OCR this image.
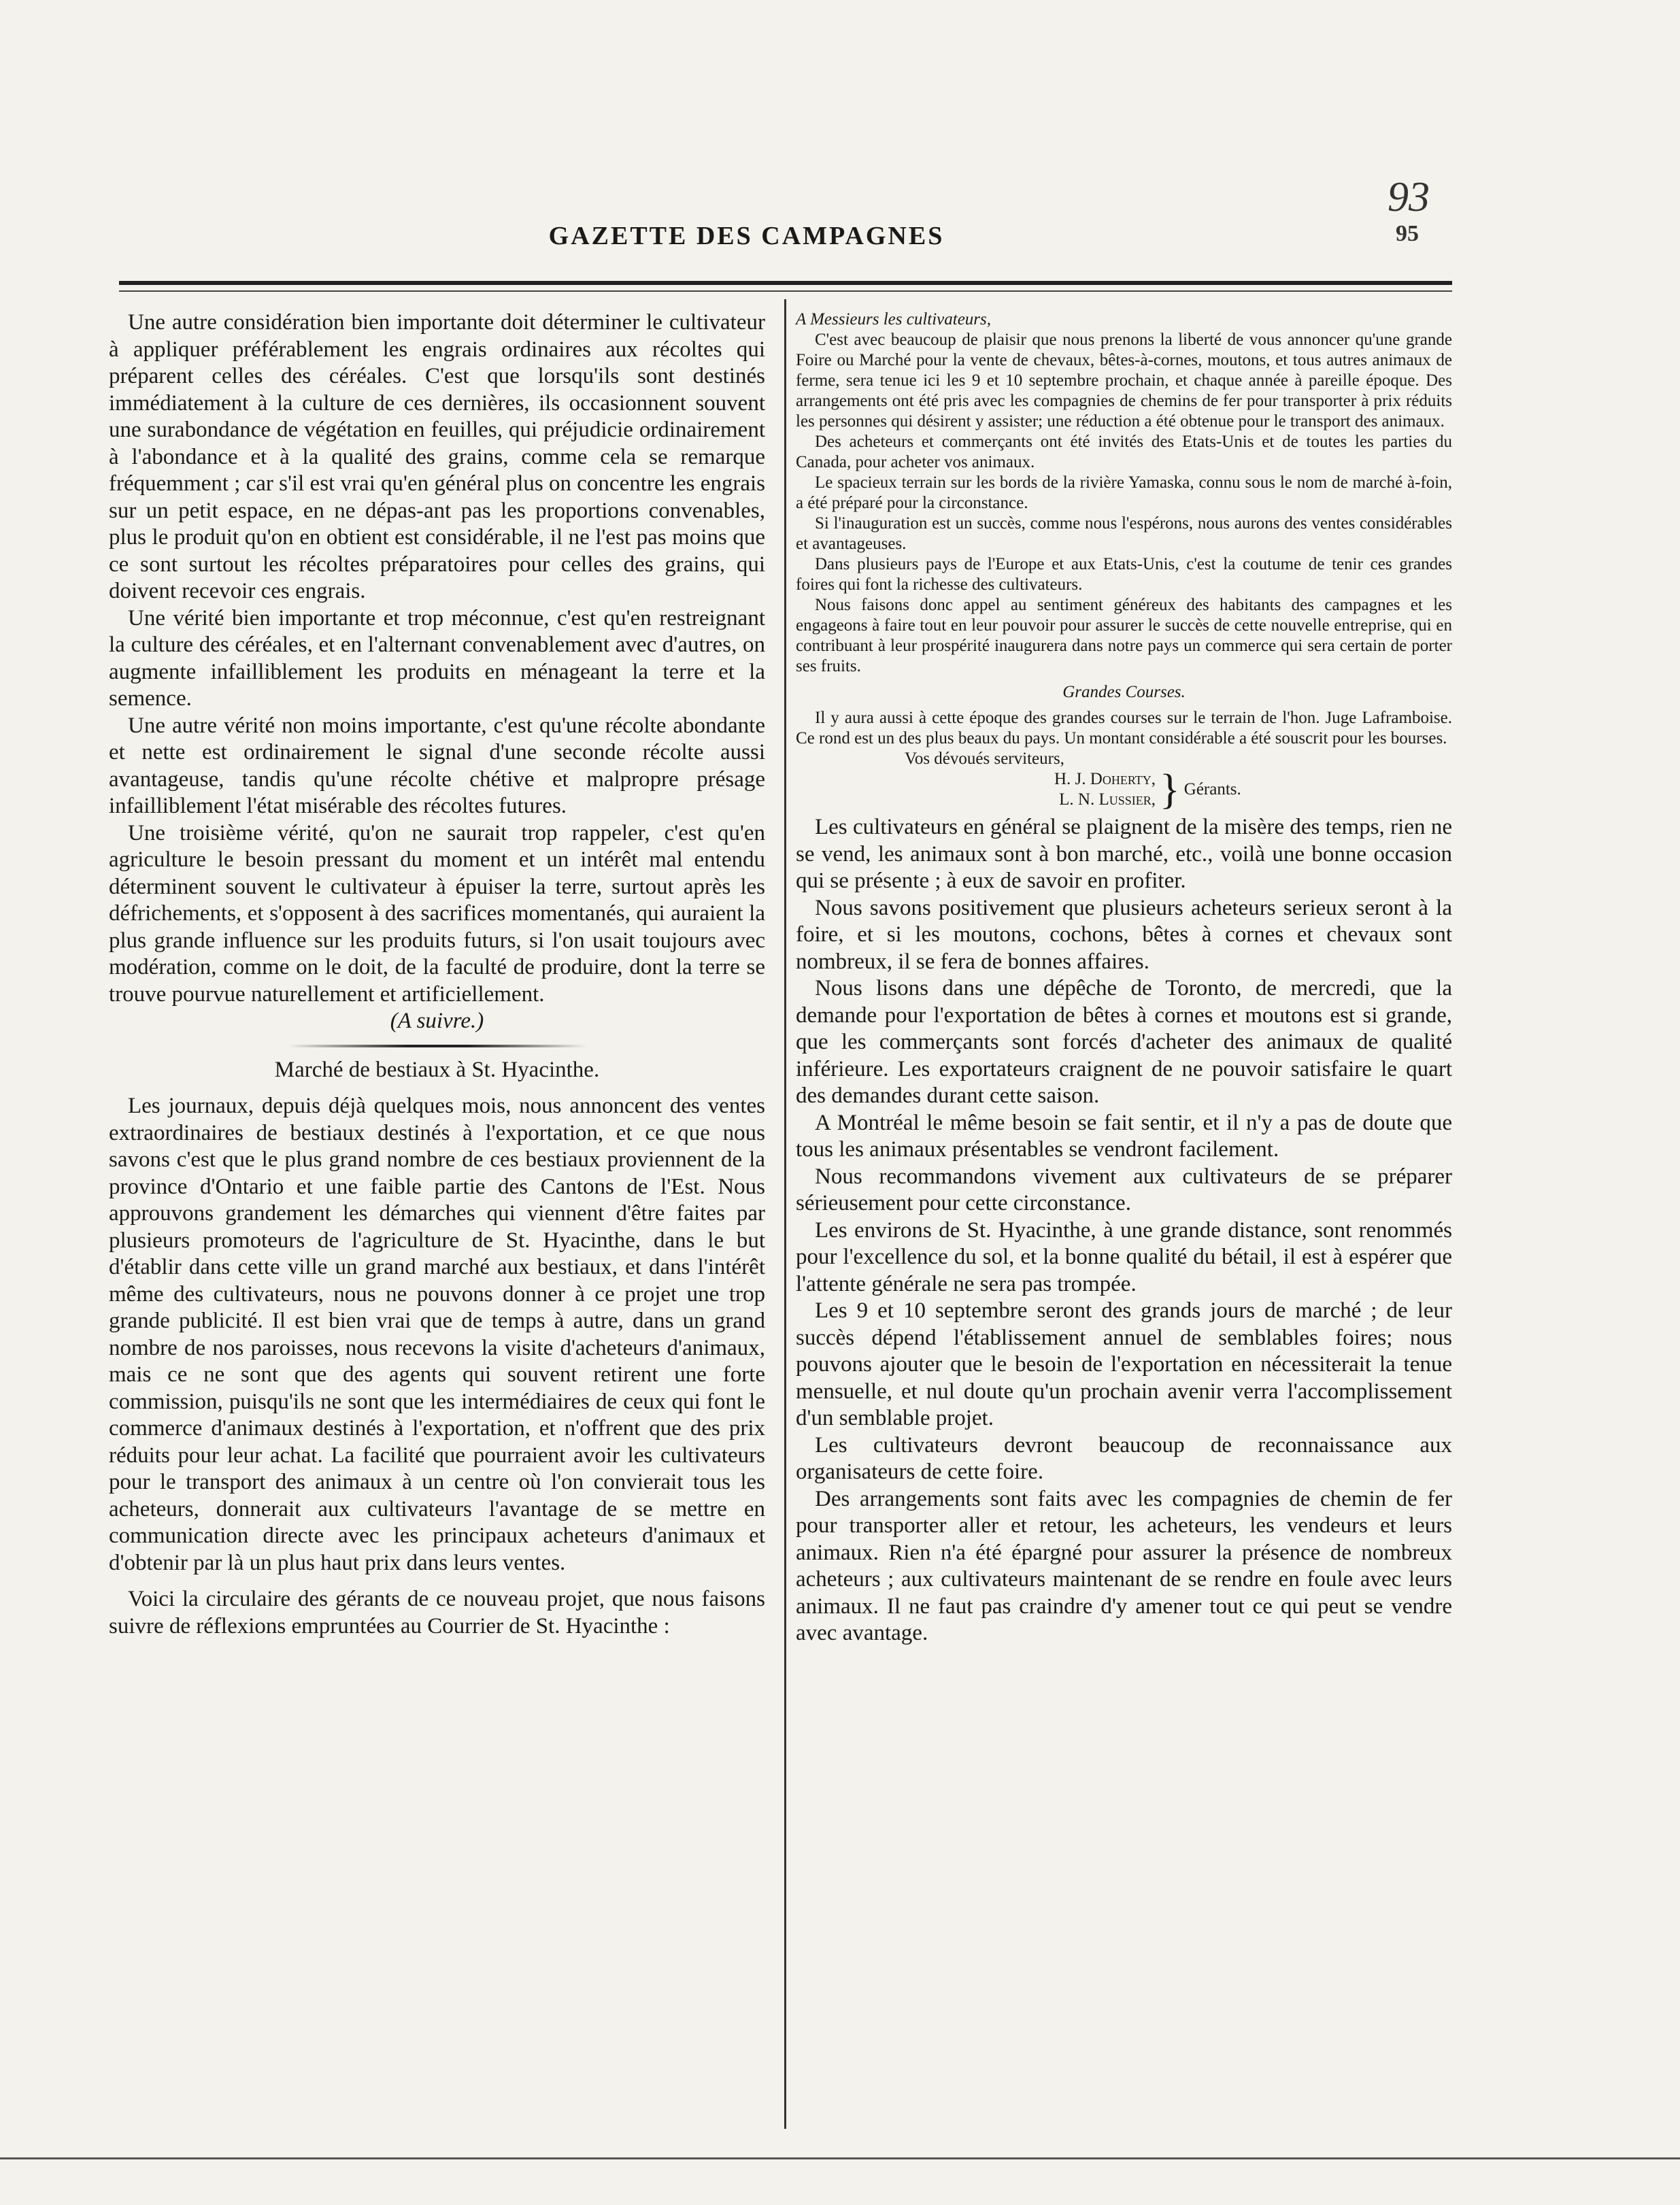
93
95
GAZETTE DES CAMPAGNES

Une autre considération bien importante doit déterminer le cultivateur à appliquer préférablement les engrais ordinaires aux récoltes qui préparent celles des céréales. C'est que lorsqu'ils sont destinés immédiatement à la culture de ces dernières, ils occasionnent souvent une surabondance de végétation en feuilles, qui préjudicie ordinairement à l'abondance et à la qualité des grains, comme cela se remarque fréquemment ; car s'il est vrai qu'en général plus on concentre les engrais sur un petit espace, en ne dépas-ant pas les proportions convenables, plus le produit qu'on en obtient est considérable, il ne l'est pas moins que ce sont surtout les récoltes préparatoires pour celles des grains, qui doivent recevoir ces engrais.

Une vérité bien importante et trop méconnue, c'est qu'en restreignant la culture des céréales, et en l'alternant convenablement avec d'autres, on augmente infailliblement les produits en ménageant la terre et la semence.

Une autre vérité non moins importante, c'est qu'une récolte abondante et nette est ordinairement le signal d'une seconde récolte aussi avantageuse, tandis qu'une récolte chétive et malpropre présage infailliblement l'état misérable des récoltes futures.

Une troisième vérité, qu'on ne saurait trop rappeler, c'est qu'en agriculture le besoin pressant du moment et un intérêt mal entendu déterminent souvent le cultivateur à épuiser la terre, surtout après les défrichements, et s'opposent à des sacrifices momentanés, qui auraient la plus grande influence sur les produits futurs, si l'on usait toujours avec modération, comme on le doit, de la faculté de produire, dont la terre se trouve pourvue naturellement et artificiellement.

(A suivre.)

Marché de bestiaux à St. Hyacinthe.

Les journaux, depuis déjà quelques mois, nous annoncent des ventes extraordinaires de bestiaux destinés à l'exportation, et ce que nous savons c'est que le plus grand nombre de ces bestiaux proviennent de la province d'Ontario et une faible partie des Cantons de l'Est. Nous approuvons grandement les démarches qui viennent d'être faites par plusieurs promoteurs de l'agriculture de St. Hyacinthe, dans le but d'établir dans cette ville un grand marché aux bestiaux, et dans l'intérêt même des cultivateurs, nous ne pouvons donner à ce projet une trop grande publicité. Il est bien vrai que de temps à autre, dans un grand nombre de nos paroisses, nous recevons la visite d'acheteurs d'animaux, mais ce ne sont que des agents qui souvent retirent une forte commission, puisqu'ils ne sont que les intermédiaires de ceux qui font le commerce d'animaux destinés à l'exportation, et n'offrent que des prix réduits pour leur achat. La facilité que pourraient avoir les cultivateurs pour le transport des animaux à un centre où l'on convierait tous les acheteurs, donnerait aux cultivateurs l'avantage de se mettre en communication directe avec les principaux acheteurs d'animaux et d'obtenir par là un plus haut prix dans leurs ventes.

Voici la circulaire des gérants de ce nouveau projet, que nous faisons suivre de réflexions empruntées au Courrier de St. Hyacinthe :

A Messieurs les cultivateurs,

C'est avec beaucoup de plaisir que nous prenons la liberté de vous annoncer qu'une grande Foire ou Marché pour la vente de chevaux, bêtes-à-cornes, moutons, et tous autres animaux de ferme, sera tenue ici les 9 et 10 septembre prochain, et chaque année à pareille époque. Des arrangements ont été pris avec les compagnies de chemins de fer pour transporter à prix réduits les personnes qui désirent y assister; une réduction a été obtenue pour le transport des animaux.

Des acheteurs et commerçants ont été invités des Etats-Unis et de toutes les parties du Canada, pour acheter vos animaux.

Le spacieux terrain sur les bords de la rivière Yamaska, connu sous le nom de marché à-foin, a été préparé pour la circonstance.

Si l'inauguration est un succès, comme nous l'espérons, nous aurons des ventes considérables et avantageuses.

Dans plusieurs pays de l'Europe et aux Etats-Unis, c'est la coutume de tenir ces grandes foires qui font la richesse des cultivateurs.

Nous faisons donc appel au sentiment généreux des habitants des campagnes et les engageons à faire tout en leur pouvoir pour assurer le succès de cette nouvelle entreprise, qui en contribuant à leur prospérité inaugurera dans notre pays un commerce qui sera certain de porter ses fruits.

Grandes Courses.

Il y aura aussi à cette époque des grandes courses sur le terrain de l'hon. Juge Laframboise. Ce rond est un des plus beaux du pays. Un montant considérable a été souscrit pour les bourses.

Vos dévoués serviteurs,

H. J. Doherty,
L. N. Lussier, } Gérants.

Les cultivateurs en général se plaignent de la misère des temps, rien ne se vend, les animaux sont à bon marché, etc., voilà une bonne occasion qui se présente ; à eux de savoir en profiter.

Nous savons positivement que plusieurs acheteurs serieux seront à la foire, et si les moutons, cochons, bêtes à cornes et chevaux sont nombreux, il se fera de bonnes affaires.

Nous lisons dans une dépêche de Toronto, de mercredi, que la demande pour l'exportation de bêtes à cornes et moutons est si grande, que les commerçants sont forcés d'acheter des animaux de qualité inférieure. Les exportateurs craignent de ne pouvoir satisfaire le quart des demandes durant cette saison.

A Montréal le même besoin se fait sentir, et il n'y a pas de doute que tous les animaux présentables se vendront facilement.

Nous recommandons vivement aux cultivateurs de se préparer sérieusement pour cette circonstance.

Les environs de St. Hyacinthe, à une grande distance, sont renommés pour l'excellence du sol, et la bonne qualité du bétail, il est à espérer que l'attente générale ne sera pas trompée.

Les 9 et 10 septembre seront des grands jours de marché ; de leur succès dépend l'établissement annuel de semblables foires; nous pouvons ajouter que le besoin de l'exportation en nécessiterait la tenue mensuelle, et nul doute qu'un prochain avenir verra l'accomplissement d'un semblable projet.

Les cultivateurs devront beaucoup de reconnaissance aux organisateurs de cette foire.

Des arrangements sont faits avec les compagnies de chemin de fer pour transporter aller et retour, les acheteurs, les vendeurs et leurs animaux. Rien n'a été épargné pour assurer la présence de nombreux acheteurs ; aux cultivateurs maintenant de se rendre en foule avec leurs animaux. Il ne faut pas craindre d'y amener tout ce qui peut se vendre avec avantage.
